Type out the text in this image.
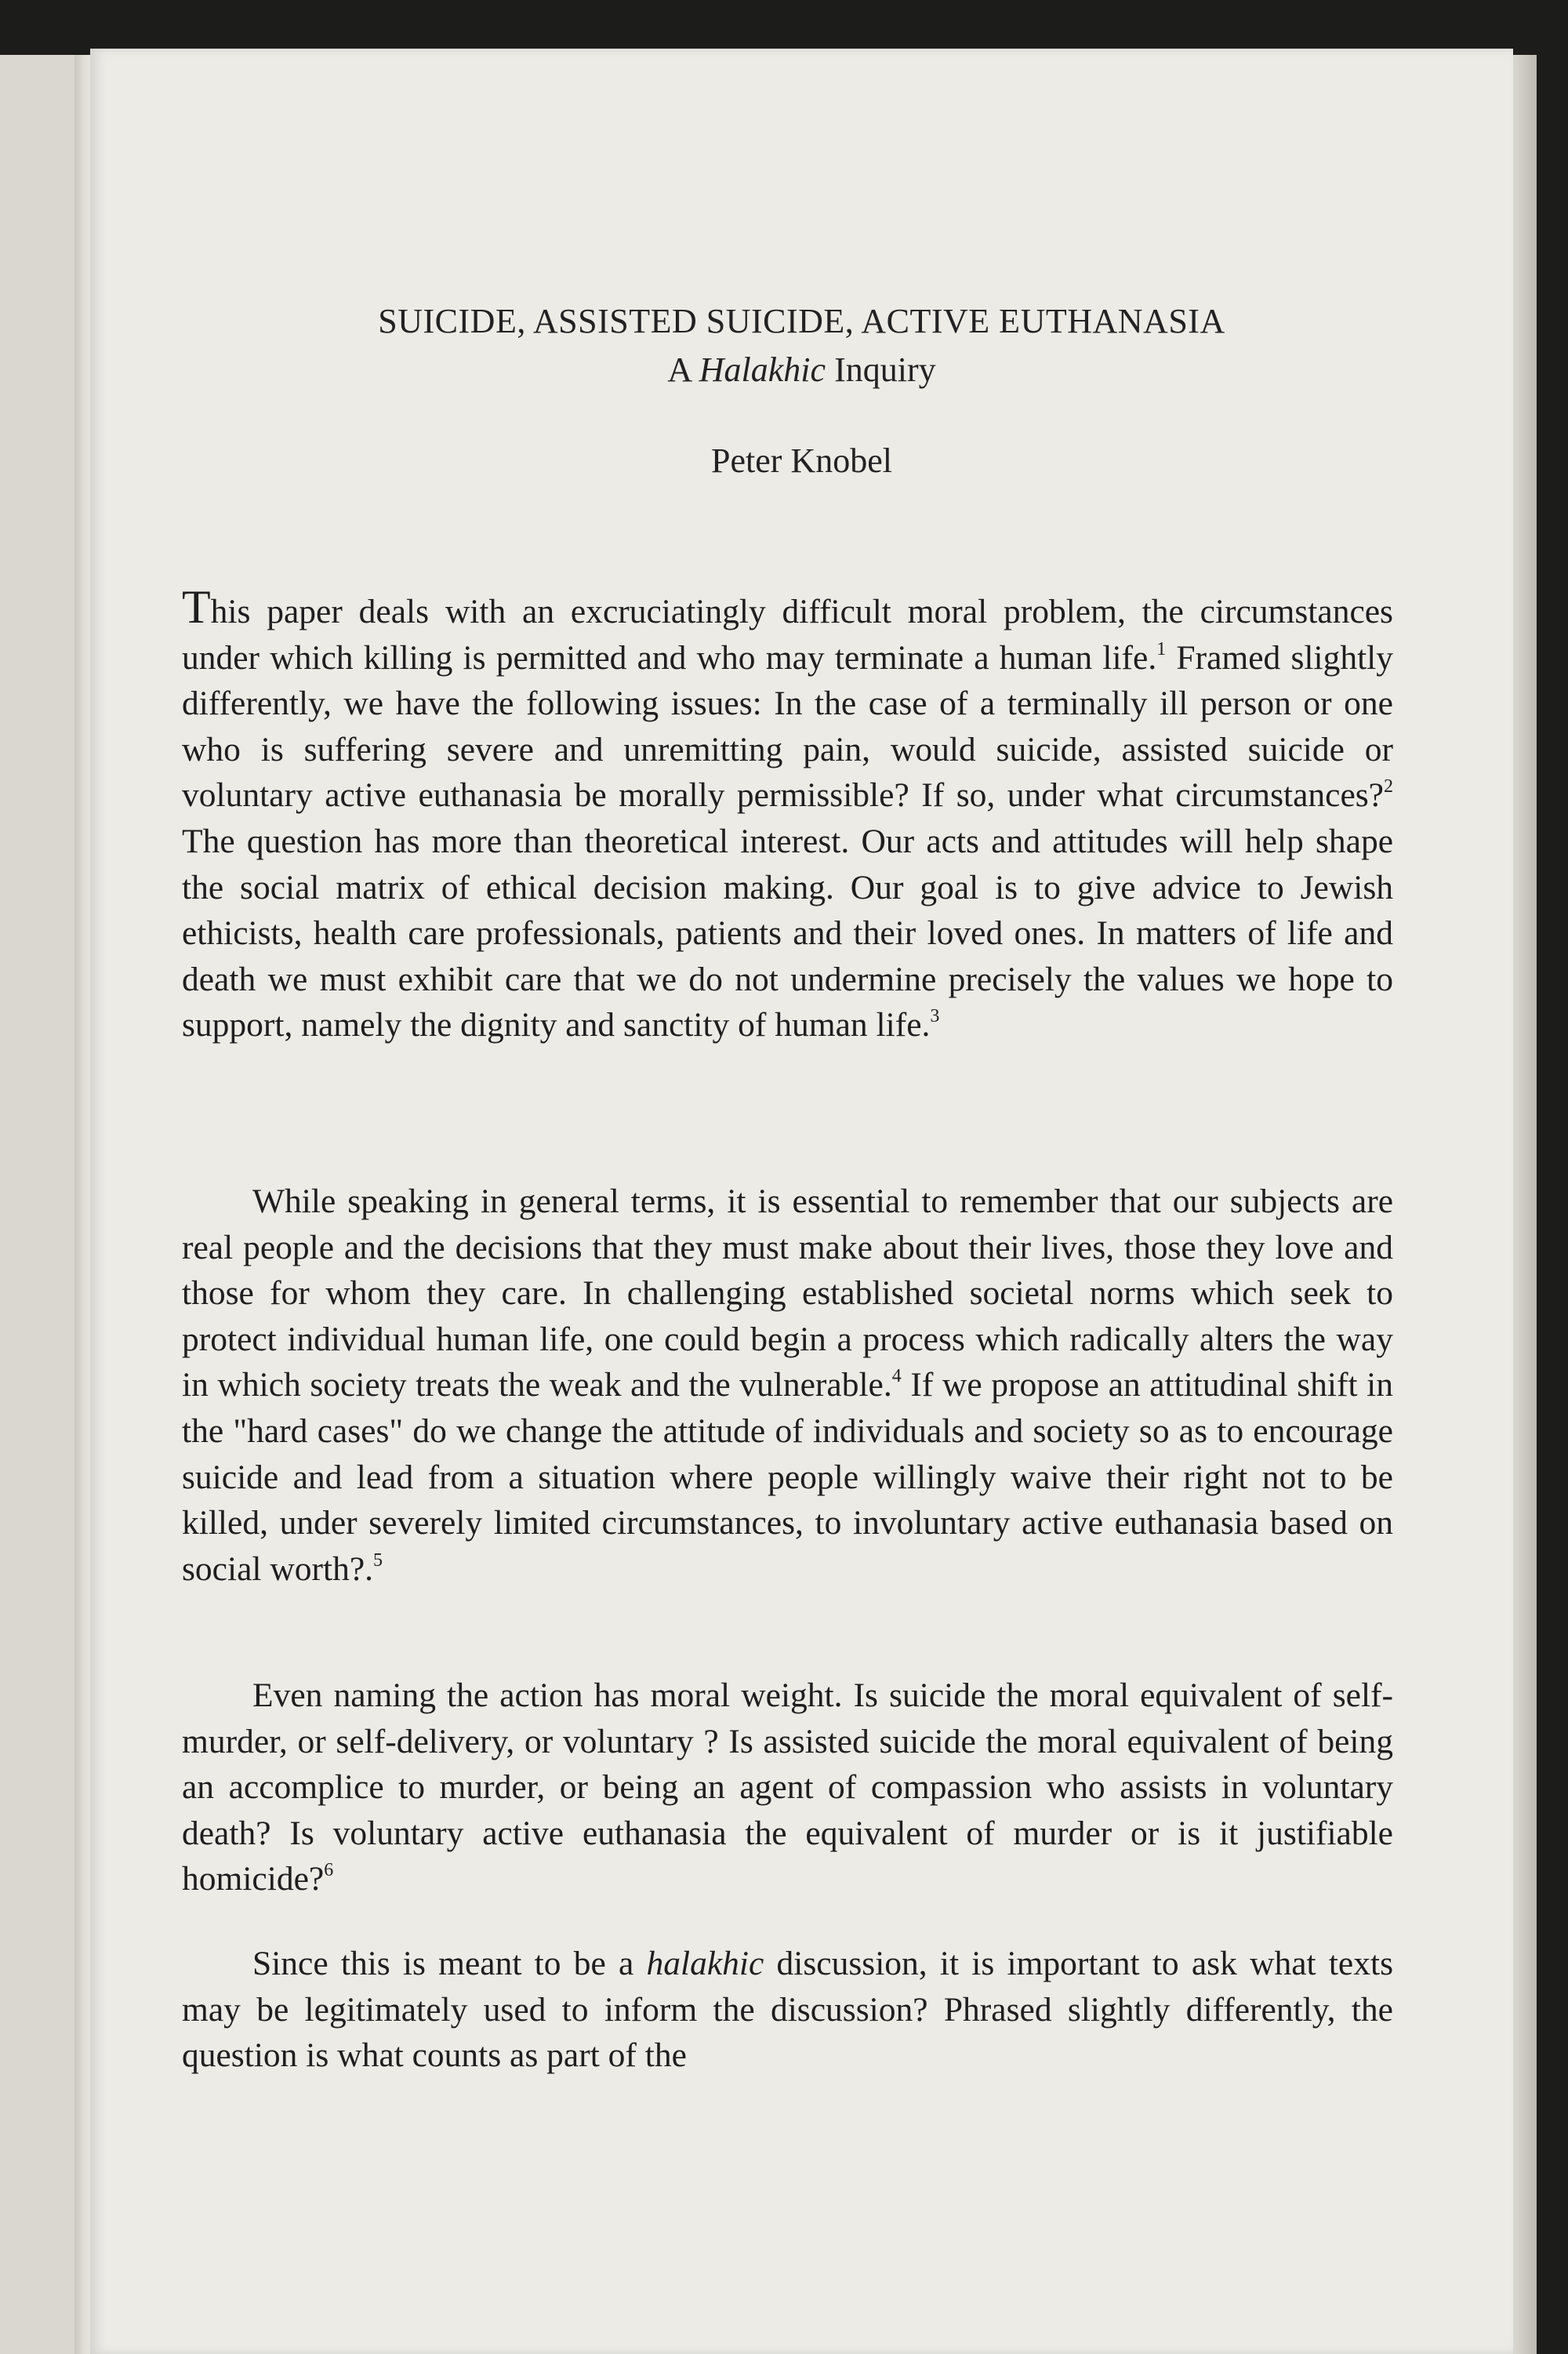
SUICIDE, ASSISTED SUICIDE, ACTIVE EUTHANASIA

A Halakhic Inquiry

Peter Knobel

This paper deals with an excruciatingly difficult moral problem, the circumstances under which killing is permitted and who may terminate a human life.$^1$ Framed slightly differently, we have the following issues: In the case of a terminally ill person or one who is suffering severe and unremitting pain, would suicide, assisted suicide or voluntary active euthanasia be morally permissible? If so, under what circumstances?$^2$ The question has more than theoretical interest. Our acts and attitudes will help shape the social matrix of ethical decision making. Our goal is to give advice to Jewish ethicists, health care professionals, patients and their loved ones. In matters of life and death we must exhibit care that we do not undermine precisely the values we hope to support, namely the dignity and sanctity of human life.$^3$

While speaking in general terms, it is essential to remember that our subjects are real people and the decisions that they must make about their lives, those they love and those for whom they care. In challenging established societal norms which seek to protect individual human life, one could begin a process which radically alters the way in which society treats the weak and the vulnerable.$^4$ If we propose an attitudinal shift in the "hard cases" do we change the attitude of individuals and society so as to encourage suicide and lead from a situation where people willingly waive their right not to be killed, under severely limited circumstances, to involuntary active euthanasia based on social worth?.$^5$

Even naming the action has moral weight. Is suicide the moral equivalent of self-murder, or self-delivery, or voluntary ? Is assisted suicide the moral equivalent of being an accomplice to murder, or being an agent of compassion who assists in voluntary death? Is voluntary active euthanasia the equivalent of murder or is it justifiable homicide?$^6$

Since this is meant to be a halakhic discussion, it is important to ask what texts may be legitimately used to inform the discussion? Phrased slightly differently, the question is what counts as part of the
